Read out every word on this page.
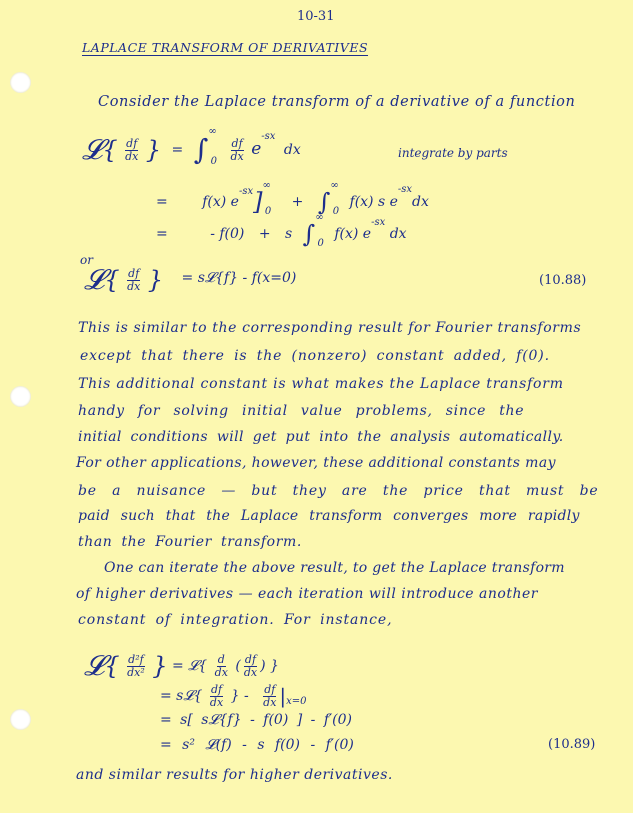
10-31
LAPLACE TRANSFORM OF DERIVATIVES
Consider the Laplace transform of a derivative of a function
𝓛{ $\frac{df}{dx}$ } = $\int^\infty_0 \frac{df}{dx} e^{-sx}$ dx	integrate by parts
= f(x) $e^{-sx}]^\infty_0 + \int^\infty_0$ f(x) s $e^{-sx}dx$
=	- f(0) + s $\int^\infty_0$ f(x) $e^{-sx}$ dx
or
𝓛{ $\frac{df}{dx}$ } = s𝓛{f} - f(x=0)	(10.88)
This is similar to the corresponding result for Fourier transforms
except that there is the (nonzero) constant added, f(0).
This additional constant is what makes the Laplace transform
handy for solving initial value problems, since the
initial conditions will get put into the analysis automatically.
For other applications, however, these additional constants may
be a nuisance — but they are the price that must be
paid such that the Laplace transform converges more rapidly
than the Fourier transform.
One can iterate the above result, to get the Laplace transform
of higher derivatives — each iteration will introduce another
constant of integration. For instance,
𝓛{ $\frac{\text{d²f}}{\text{dx²}}$ } = 𝓛{ $\frac{d}{dx}$ ( $\frac{df}{dx}$ ) }
= s𝓛{ $\frac{df}{dx}$ } - $\frac{df}{dx} |_{x=0}$
= s[ s𝓛{f} - f(0) ] - f′(0)
= s² 𝓛(f) - s f(0) - f′(0)	(10.89)
and similar results for higher derivatives.
